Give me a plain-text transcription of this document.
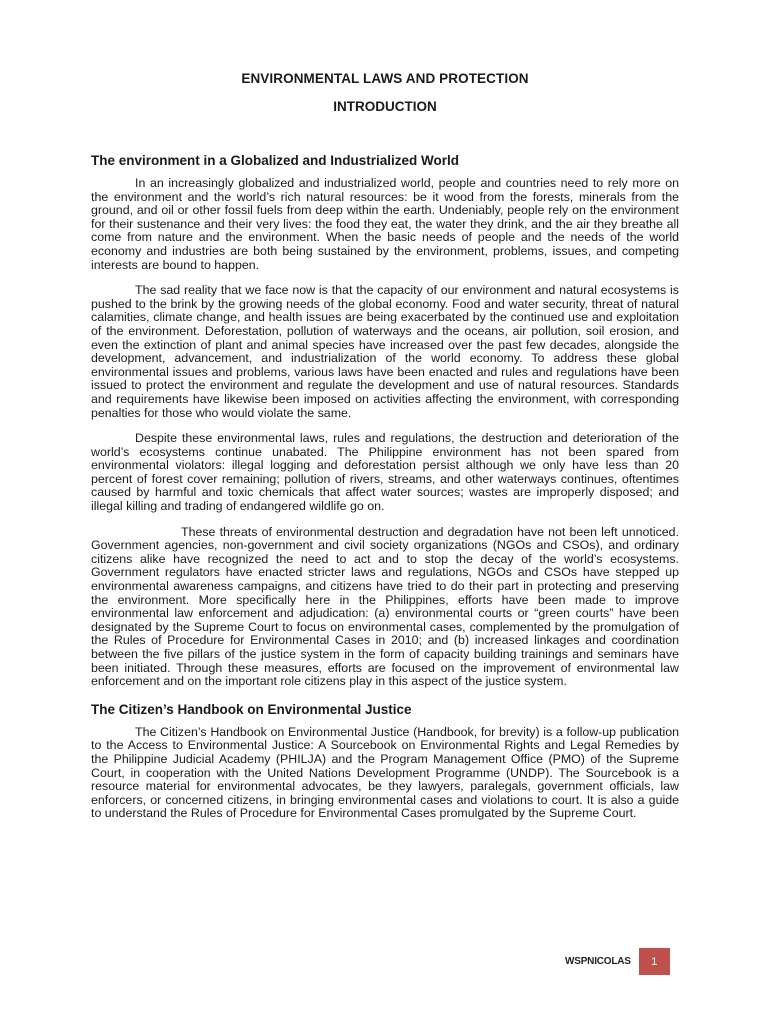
ENVIRONMENTAL LAWS AND PROTECTION
INTRODUCTION
The environment in a Globalized and Industrialized World

In an increasingly globalized and industrialized world, people and countries need to rely more on the environment and the world’s rich natural resources: be it wood from the forests, minerals from the ground, and oil or other fossil fuels from deep within the earth. Undeniably, people rely on the environment for their sustenance and their very lives: the food they eat, the water they drink, and the air they breathe all come from nature and the environment. When the basic needs of people and the needs of the world economy and industries are both being sustained by the environment, problems, issues, and competing interests are bound to happen.

The sad reality that we face now is that the capacity of our environment and natural ecosystems is pushed to the brink by the growing needs of the global economy. Food and water security, threat of natural calamities, climate change, and health issues are being exacerbated by the continued use and exploitation of the environment. Deforestation, pollution of waterways and the oceans, air pollution, soil erosion, and even the extinction of plant and animal species have increased over the past few decades, alongside the development, advancement, and industrialization of the world economy. To address these global environmental issues and problems, various laws have been enacted and rules and regulations have been issued to protect the environment and regulate the development and use of natural resources. Standards and requirements have likewise been imposed on activities affecting the environment, with corresponding penalties for those who would violate the same.

Despite these environmental laws, rules and regulations, the destruction and deterioration of the world’s ecosystems continue unabated. The Philippine environment has not been spared from environmental violators: illegal logging and deforestation persist although we only have less than 20 percent of forest cover remaining; pollution of rivers, streams, and other waterways continues, oftentimes caused by harmful and toxic chemicals that affect water sources; wastes are improperly disposed; and illegal killing and trading of endangered wildlife go on.

These threats of environmental destruction and degradation have not been left unnoticed. Government agencies, non-government and civil society organizations (NGOs and CSOs), and ordinary citizens alike have recognized the need to act and to stop the decay of the world’s ecosystems. Government regulators have enacted stricter laws and regulations, NGOs and CSOs have stepped up environmental awareness campaigns, and citizens have tried to do their part in protecting and preserving the environment. More specifically here in the Philippines, efforts have been made to improve environmental law enforcement and adjudication: (a) environmental courts or “green courts” have been designated by the Supreme Court to focus on environmental cases, complemented by the promulgation of the Rules of Procedure for Environmental Cases in 2010; and (b) increased linkages and coordination between the five pillars of the justice system in the form of capacity building trainings and seminars have been initiated. Through these measures, efforts are focused on the improvement of environmental law enforcement and on the important role citizens play in this aspect of the justice system.

The Citizen’s Handbook on Environmental Justice

The Citizen’s Handbook on Environmental Justice (Handbook, for brevity) is a follow-up publication to the Access to Environmental Justice: A Sourcebook on Environmental Rights and Legal Remedies by the Philippine Judicial Academy (PHILJA) and the Program Management Office (PMO) of the Supreme Court, in cooperation with the United Nations Development Programme (UNDP). The Sourcebook is a resource material for environmental advocates, be they lawyers, paralegals, government officials, law enforcers, or concerned citizens, in bringing environmental cases and violations to court. It is also a guide to understand the Rules of Procedure for Environmental Cases promulgated by the Supreme Court.

WSPNICOLAS	1
